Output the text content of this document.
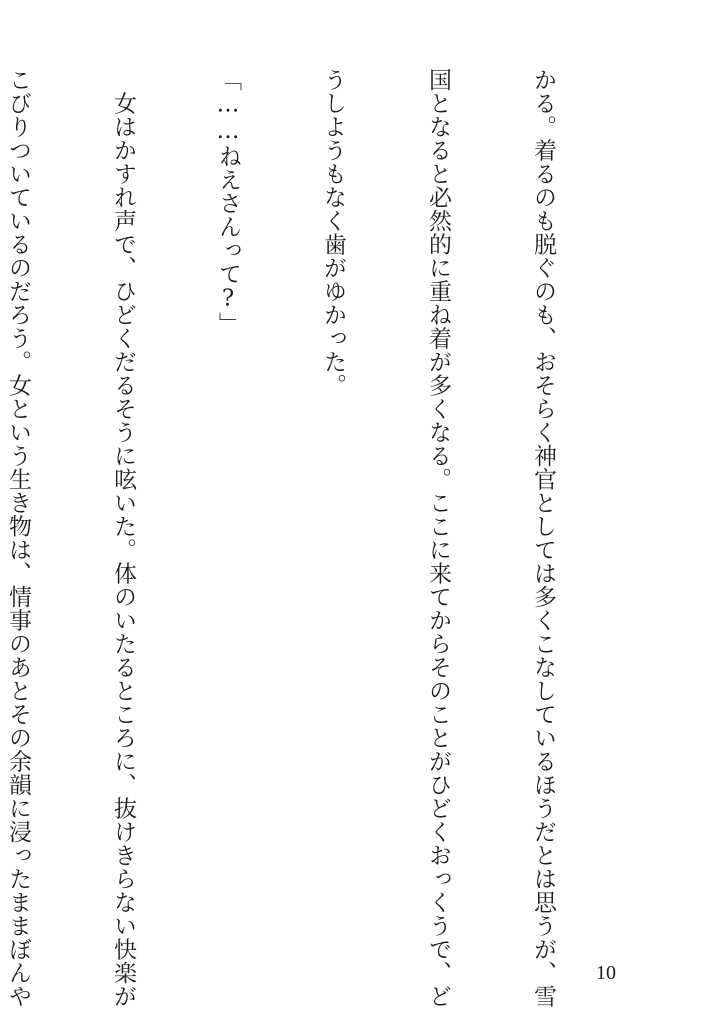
かる。着るのも脱ぐのも、おそらく神官としては多くこなしているほうだとは思うが、雪

国となると必然的に重ね着が多くなる。ここに来てからそのことがひどくおっくうで、ど

うしようもなく歯がゆかった。

「……ねえさんって?」

　女はかすれ声で、ひどくだるそうに呟いた。体のいたるところに、抜けきらない快楽が

こびりついているのだろう。女という生き物は、情事のあとその余韻に浸ったままぼんや

	10
